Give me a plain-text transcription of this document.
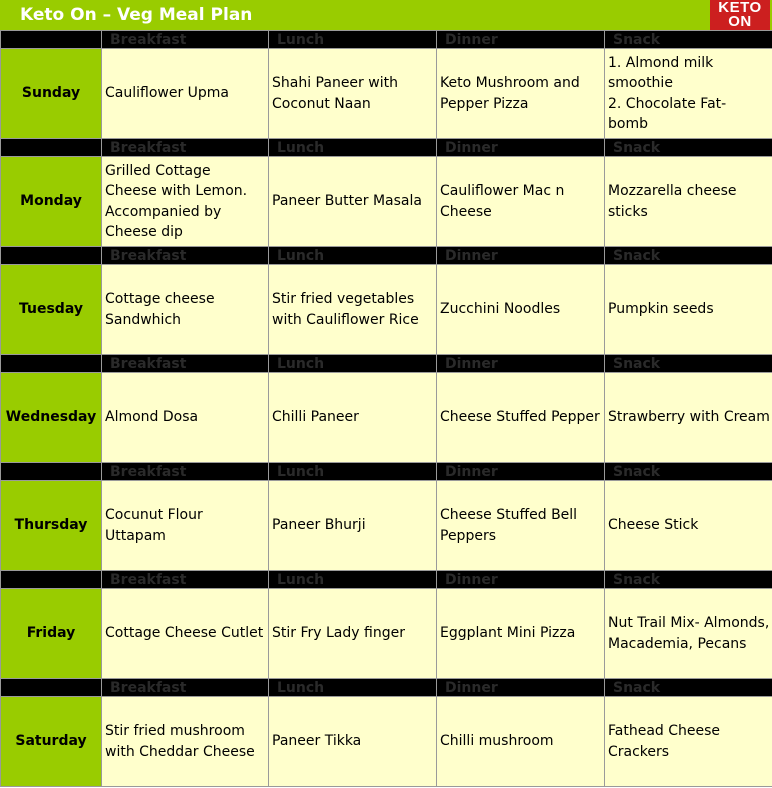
Keto On – Veg Meal Plan	KETO
ON
	Breakfast	Lunch	Dinner	Snack
Sunday	Cauliflower Upma	Shahi Paneer with Coconut Naan	Keto Mushroom and Pepper Pizza	1. Almond milk smoothie
2. Chocolate Fat- bomb

	Breakfast	Lunch	Dinner	Snack
Monday	Grilled Cottage Cheese with Lemon. Accompanied by Cheese dip	Paneer Butter Masala	Cauliflower Mac n Cheese	Mozzarella cheese sticks

	Breakfast	Lunch	Dinner	Snack
Tuesday	Cottage cheese Sandwhich	Stir fried vegetables with Cauliflower Rice	Zucchini Noodles	Pumpkin seeds

	Breakfast	Lunch	Dinner	Snack
Wednesday	Almond Dosa	Chilli Paneer	Cheese Stuffed Pepper	Strawberry with Cream

	Breakfast	Lunch	Dinner	Snack
Thursday	Cocunut Flour Uttapam	Paneer Bhurji	Cheese Stuffed Bell Peppers	Cheese Stick

	Breakfast	Lunch	Dinner	Snack
Friday	Cottage Cheese Cutlet	Stir Fry Lady finger	Eggplant Mini Pizza	Nut Trail Mix- Almonds, Macademia, Pecans

	Breakfast	Lunch	Dinner	Snack
Saturday	Stir fried mushroom with Cheddar Cheese	Paneer Tikka	Chilli mushroom	Fathead Cheese Crackers
